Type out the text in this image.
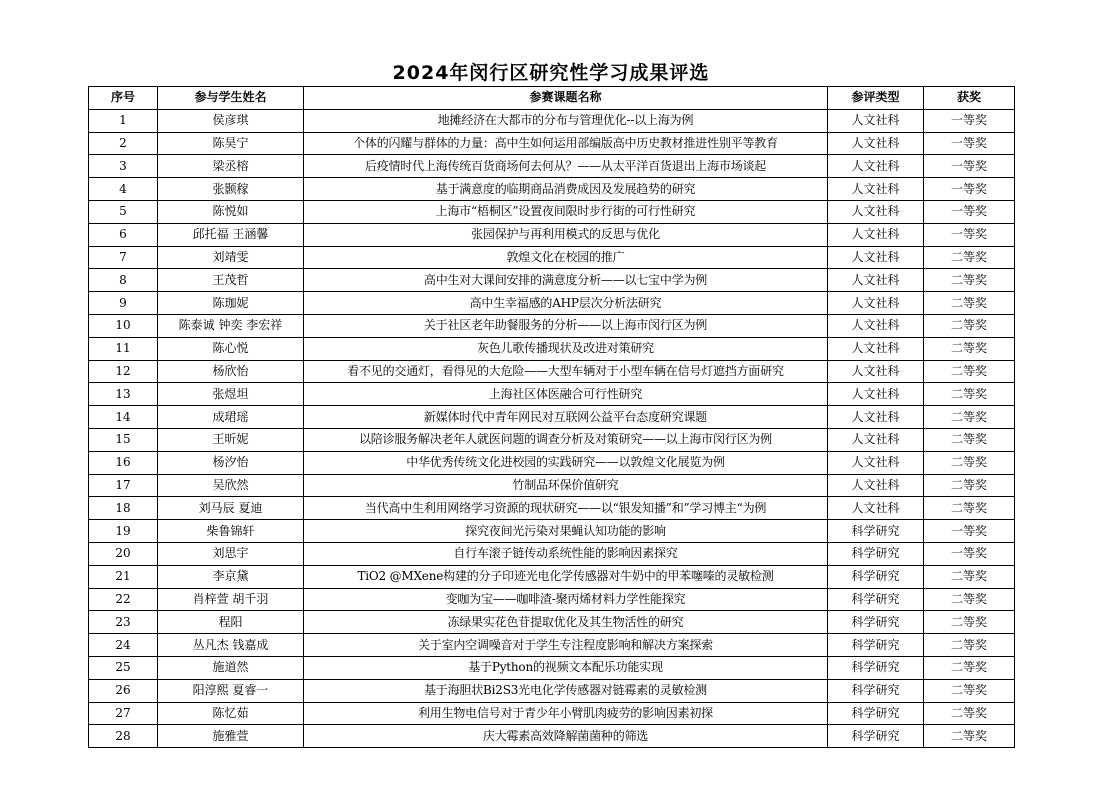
2024年闵行区研究性学习成果评选
序号	参与学生姓名	参赛课题名称	参评类型	获奖
1	侯彦琪	地摊经济在大都市的分布与管理优化--以上海为例	人文社科	一等奖
2	陈昊宁	个体的闪耀与群体的力量：高中生如何运用部编版高中历史教材推进性别平等教育	人文社科	一等奖
3	梁丞榕	后疫情时代上海传统百货商场何去何从？——从太平洋百货退出上海市场谈起	人文社科	一等奖
4	张颢稼	基于满意度的临期商品消费成因及发展趋势的研究	人文社科	一等奖
5	陈悦如	上海市“梧桐区”设置夜间限时步行街的可行性研究	人文社科	一等奖
6	邱托福 王涵馨	张园保护与再利用模式的反思与优化	人文社科	一等奖
7	刘靖雯	敦煌文化在校园的推广	人文社科	二等奖
8	王茂哲	高中生对大课间安排的满意度分析——以七宝中学为例	人文社科	二等奖
9	陈珈妮	高中生幸福感的AHP层次分析法研究	人文社科	二等奖
10	陈泰诚 钟奕 李宏祥	关于社区老年助餐服务的分析——以上海市闵行区为例	人文社科	二等奖
11	陈心悦	灰色儿歌传播现状及改进对策研究	人文社科	二等奖
12	杨欣怡	看不见的交通灯，看得见的大危险——大型车辆对于小型车辆在信号灯遮挡方面研究	人文社科	二等奖
13	张煜坦	上海社区体医融合可行性研究	人文社科	二等奖
14	成珺瑶	新媒体时代中青年网民对互联网公益平台态度研究课题	人文社科	二等奖
15	王昕妮	以陪诊服务解决老年人就医问题的调查分析及对策研究——以上海市闵行区为例	人文社科	二等奖
16	杨汐怡	中华优秀传统文化进校园的实践研究——以敦煌文化展览为例	人文社科	二等奖
17	吴欣然	竹制品环保价值研究	人文社科	二等奖
18	刘马辰 夏迪	当代高中生利用网络学习资源的现状研究——以“银发知播”和”学习博主“为例	人文社科	二等奖
19	柴鲁锦轩	探究夜间光污染对果蝇认知功能的影响	科学研究	一等奖
20	刘思宇	自行车滚子链传动系统性能的影响因素探究	科学研究	一等奖
21	李京黛	TiO2 @MXene构建的分子印迹光电化学传感器对牛奶中的甲苯噻嗪的灵敏检测	科学研究	二等奖
22	肖梓萱 胡千羽	变咖为宝——咖啡渣-聚丙烯材料力学性能探究	科学研究	二等奖
23	程阳	冻绿果实花色苷提取优化及其生物活性的研究	科学研究	二等奖
24	丛凡杰 钱嘉成	关于室内空调噪音对于学生专注程度影响和解决方案探索	科学研究	二等奖
25	施道然	基于Python的视频文本配乐功能实现	科学研究	二等奖
26	阳淳熙 夏睿一	基于海胆状Bi2S3光电化学传感器对链霉素的灵敏检测	科学研究	二等奖
27	陈忆茹	利用生物电信号对于青少年小臂肌肉疲劳的影响因素初探	科学研究	二等奖
28	施雅萱	庆大霉素高效降解菌菌种的筛选	科学研究	二等奖
